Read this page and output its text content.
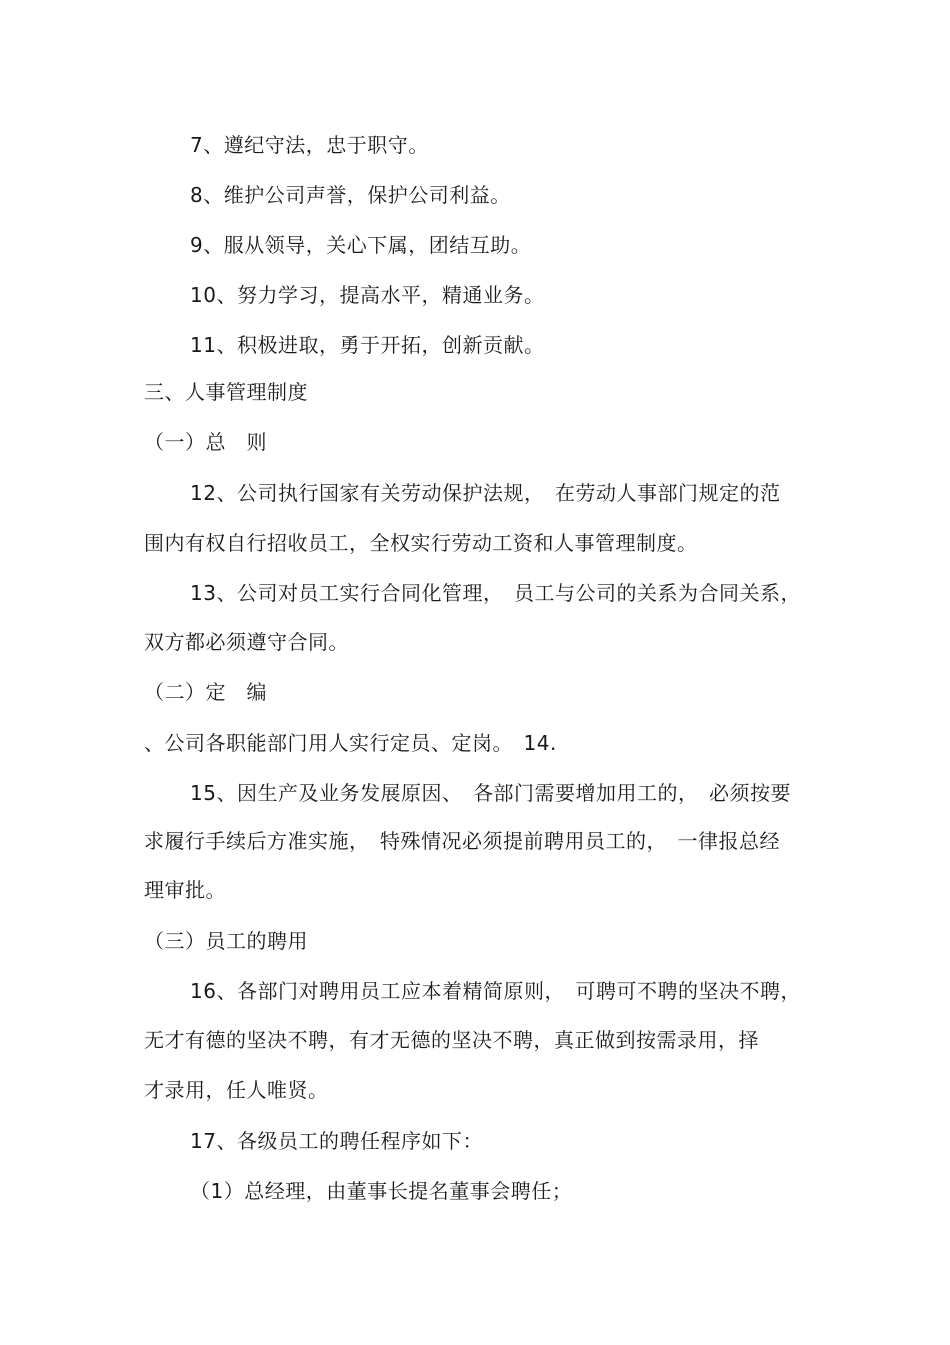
7、遵纪守法，忠于职守。
8、维护公司声誉，保护公司利益。
9、服从领导，关心下属，团结互助。
10、努力学习，提高水平，精通业务。
11、积极进取，勇于开拓，创新贡献。
三、人事管理制度
（一）总　则
12、公司执行国家有关劳动保护法规，　在劳动人事部门规定的范
围内有权自行招收员工，全权实行劳动工资和人事管理制度。
13、公司对员工实行合同化管理，　员工与公司的关系为合同关系，
双方都必须遵守合同。
（二）定　编
、公司各职能部门用人实行定员、定岗。　14.
15、因生产及业务发展原因、　各部门需要增加用工的，　必须按要
求履行手续后方准实施，　特殊情况必须提前聘用员工的，　一律报总经
理审批。
（三）员工的聘用
16、各部门对聘用员工应本着精简原则，　可聘可不聘的坚决不聘，
无才有德的坚决不聘，有才无德的坚决不聘，真正做到按需录用，择
才录用，任人唯贤。
17、各级员工的聘任程序如下：
（1）总经理，由董事长提名董事会聘任；
